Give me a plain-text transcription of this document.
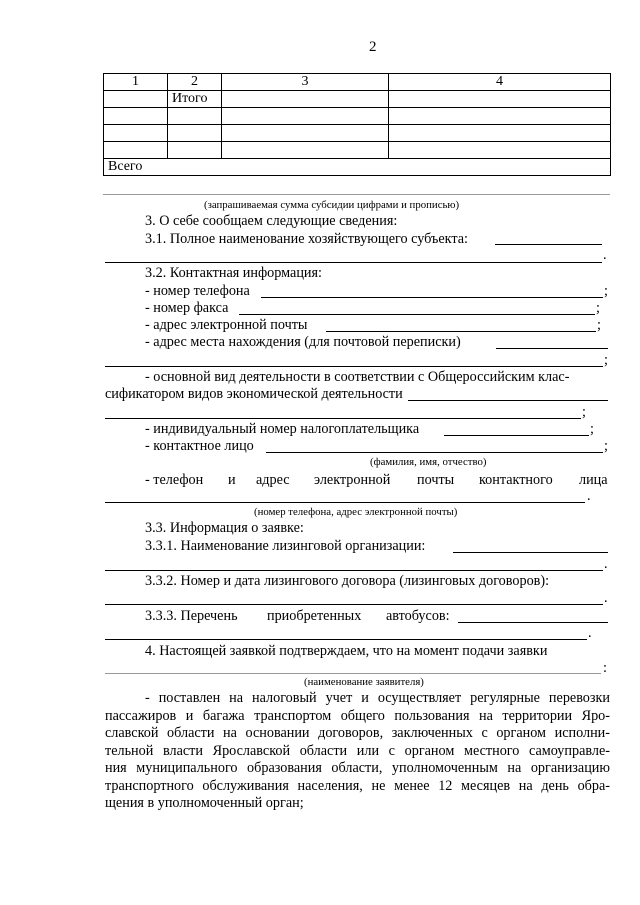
2
1	2	3	4
	Итого		

Всего			
(запрашиваемая сумма субсидии цифрами и прописью)
3. О себе сообщаем следующие сведения:
3.1. Полное наименование хозяйствующего субъекта:
.
3.2. Контактная информация:
- номер телефона	;
- номер факса	;
- адрес электронной почты	;
- адрес места нахождения (для почтовой переписки)
;
- основной вид деятельности в соответствии с Общероссийским клас-
сификатором видов экономической деятельности
;
- индивидуальный номер налогоплательщика	;
- контактное лицо	;
(фамилия, имя, отчество)
- телефон и адрес электронной почты контактного лица
.
(номер телефона, адрес электронной почты)
3.3. Информация о заявке:
3.3.1. Наименование лизинговой организации:
.
3.3.2. Номер и дата лизингового договора (лизинговых договоров):
.
3.3.3. Перечень приобретенных автобусов:
.
4. Настоящей заявкой подтверждаем, что на момент подачи заявки
:
(наименование заявителя)
- поставлен на налоговый учет и осуществляет регулярные перевозки
пассажиров и багажа транспортом общего пользования на территории Яро-
славской области на основании договоров, заключенных с органом исполни-
тельной власти Ярославской области или с органом местного самоуправле-
ния муниципального образования области, уполномоченным на организацию
транспортного обслуживания населения, не менее 12 месяцев на день обра-
щения в уполномоченный орган;
